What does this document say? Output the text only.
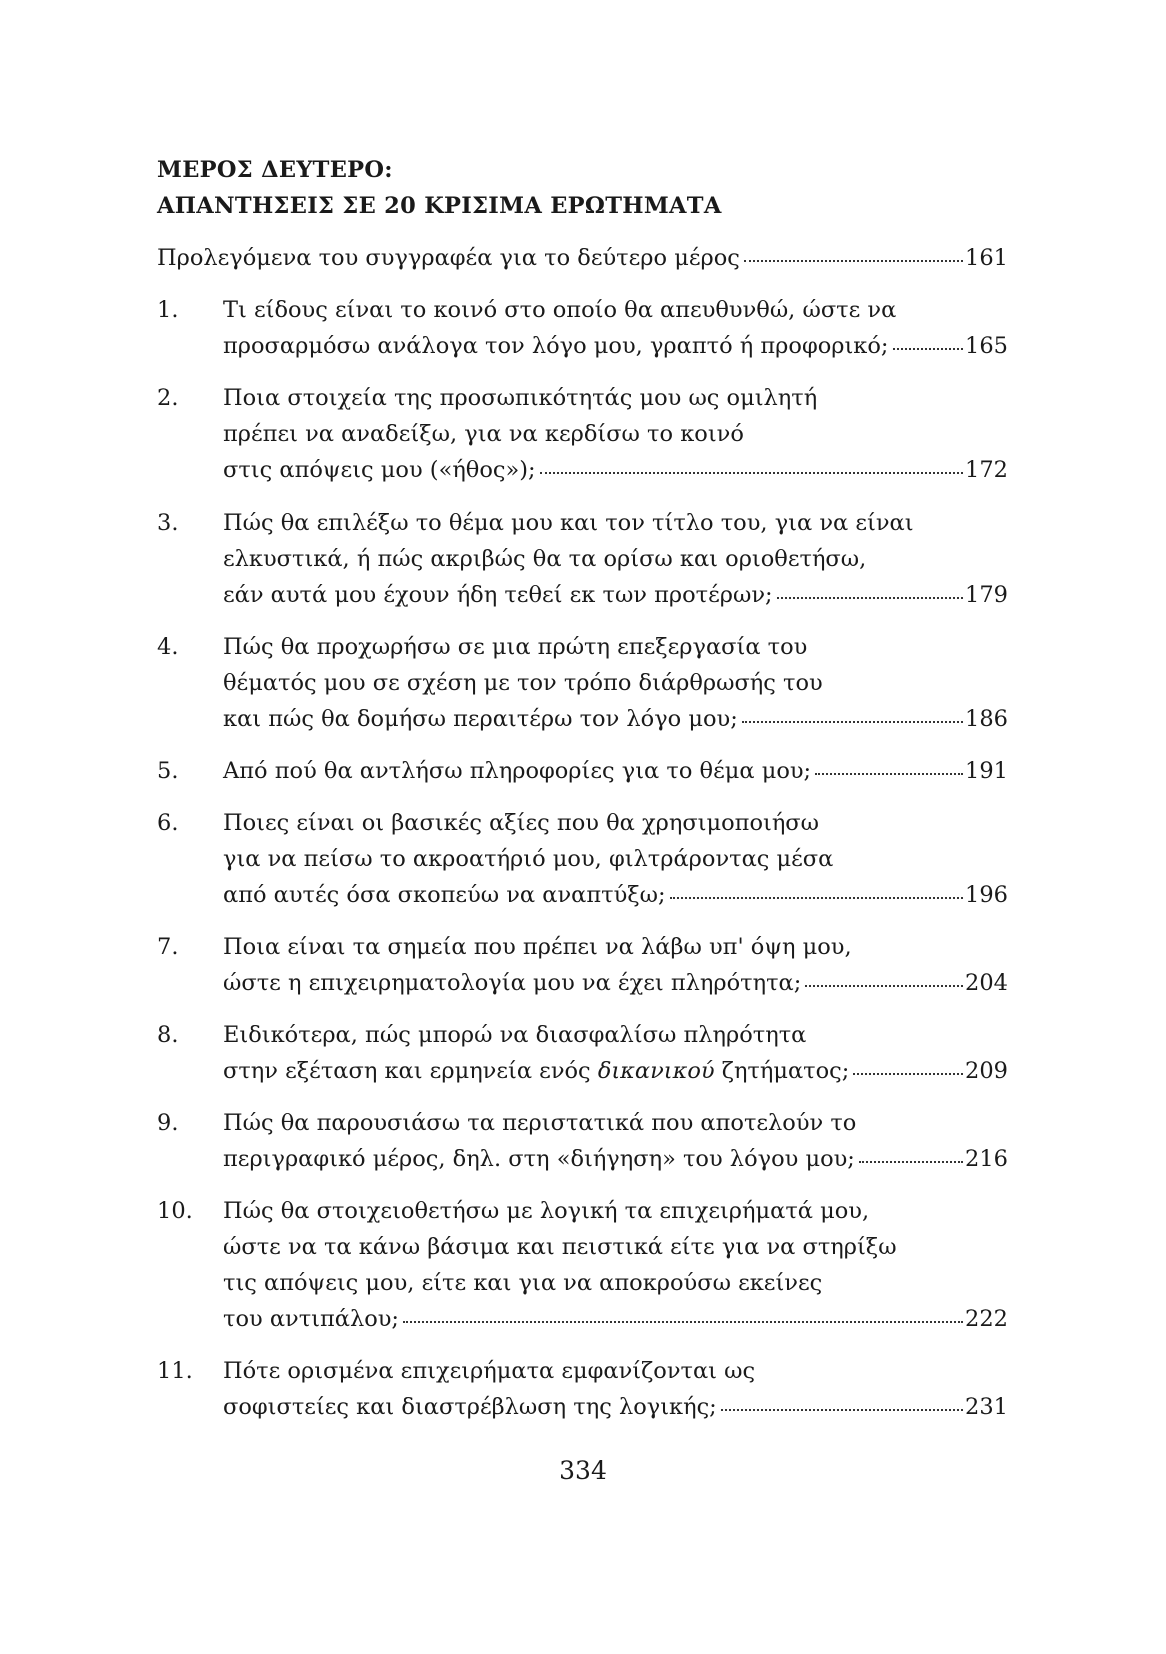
ΜΕΡΟΣ ΔΕΥΤΕΡΟ:
ΑΠΑΝΤΗΣΕΙΣ ΣΕ 20 ΚΡΙΣΙΜΑ ΕΡΩΤΗΜΑΤΑ
Προλεγόμενα του συγγραφέα για το δεύτερο μέρος	161
1.	Τι είδους είναι το κοινό στο οποίο θα απευθυνθώ, ώστε να
προσαρμόσω ανάλογα τον λόγο μου, γραπτό ή προφορικό;	165
2.	Ποια στοιχεία της προσωπικότητάς μου ως ομιλητή
πρέπει να αναδείξω, για να κερδίσω το κοινό
στις απόψεις μου («ήθος»);	172
3.	Πώς θα επιλέξω το θέμα μου και τον τίτλο του, για να είναι
ελκυστικά, ή πώς ακριβώς θα τα ορίσω και οριοθετήσω,
εάν αυτά μου έχουν ήδη τεθεί εκ των προτέρων;	179
4.	Πώς θα προχωρήσω σε μια πρώτη επεξεργασία του
θέματός μου σε σχέση με τον τρόπο διάρθρωσής του
και πώς θα δομήσω περαιτέρω τον λόγο μου;	186
5.	Από πού θα αντλήσω πληροφορίες για το θέμα μου;	191
6.	Ποιες είναι οι βασικές αξίες που θα χρησιμοποιήσω
για να πείσω το ακροατήριό μου, φιλτράροντας μέσα
από αυτές όσα σκοπεύω να αναπτύξω;	196
7.	Ποια είναι τα σημεία που πρέπει να λάβω υπ' όψη μου,
ώστε η επιχειρηματολογία μου να έχει πληρότητα;	204
8.	Ειδικότερα, πώς μπορώ να διασφαλίσω πληρότητα
στην εξέταση και ερμηνεία ενός δικανικού ζητήματος;	209
9.	Πώς θα παρουσιάσω τα περιστατικά που αποτελούν το
περιγραφικό μέρος, δηλ. στη «διήγηση» του λόγου μου;	216
10.	Πώς θα στοιχειοθετήσω με λογική τα επιχειρήματά μου,
ώστε να τα κάνω βάσιμα και πειστικά είτε για να στηρίξω
τις απόψεις μου, είτε και για να αποκρούσω εκείνες
του αντιπάλου;	222
11.	Πότε ορισμένα επιχειρήματα εμφανίζονται ως
σοφιστείες και διαστρέβλωση της λογικής;	231
334
